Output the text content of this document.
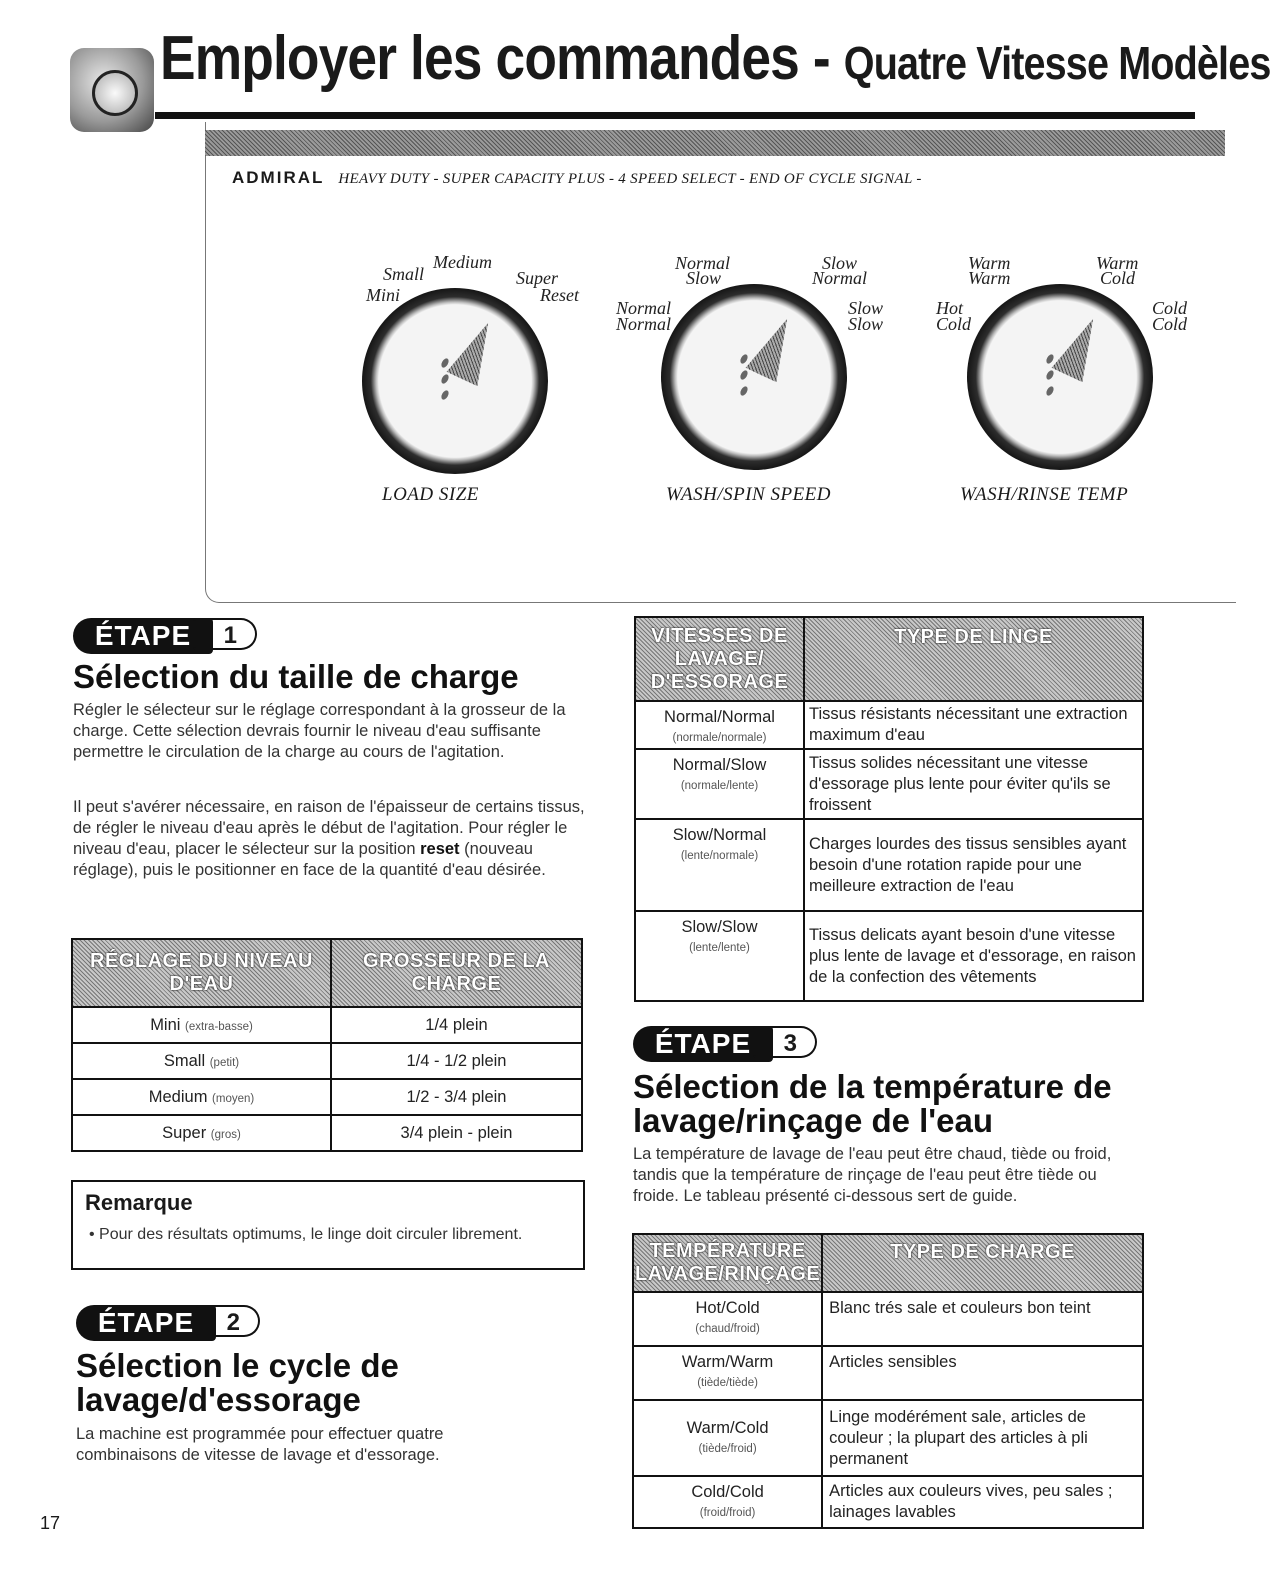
Employer les commandes - Quatre Vitesse Modèles
ADMIRAL HEAVY DUTY - SUPER CAPACITY PLUS - 4 SPEED SELECT - END OF CYCLE SIGNAL -
Small
Medium
Super
Mini	Reset
LOAD SIZE
Normal
Slow
Slow
Normal
Normal
Normal
Slow
Slow
WASH/SPIN SPEED
Warm
Warm
Warm
Cold
Hot
Cold
Cold
Cold
WASH/RINSE TEMP
ÉTAPE	1
Sélection du taille de charge
Régler le sélecteur sur le réglage correspondant à la grosseur de la charge. Cette sélection devrais fournir le niveau d'eau suffisante permettre le circulation de la charge au cours de l'agitation.
Il peut s'avérer nécessaire, en raison de l'épaisseur de certains tissus, de régler le niveau d'eau après le début de l'agitation. Pour régler le niveau d'eau, placer le sélecteur sur la position reset (nouveau réglage), puis le positionner en face de la quantité d'eau désirée.
RÉGLAGE DU NIVEAU D'EAU	GROSSEUR DE LA CHARGE
Mini (extra-basse)	1/4 plein
Small (petit)	1/4 - 1/2 plein
Medium (moyen)	1/2 - 3/4 plein
Super (gros)	3/4 plein - plein
Remarque
• Pour des résultats optimums, le linge doit circuler librement.
ÉTAPE	2
Sélection le cycle de
lavage/d'essorage
La machine est programmée pour effectuer quatre combinaisons de vitesse de lavage et d'essorage.
VITESSES DE LAVAGE/ D'ESSORAGE	TYPE DE LINGE

Normal/Normal
(normale/normale)	Tissus résistants nécessitant une extraction maximum d'eau

Normal/Slow
(normale/lente)	Tissus solides nécessitant une vitesse d'essorage plus lente pour éviter qu'ils se froissent

Slow/Normal
(lente/normale)	Charges lourdes des tissus sensibles ayant besoin d'une rotation rapide pour une meilleure extraction de l'eau

Slow/Slow
(lente/lente)	Tissus delicats ayant besoin d'une vitesse plus lente de lavage et d'essorage, en raison de la confection des vêtements
ÉTAPE	3
Sélection de la température de
lavage/rinçage de l'eau
La température de lavage de l'eau peut être chaud, tiède ou froid, tandis que la température de rinçage de l'eau peut être tiède ou froide. Le tableau présenté ci-dessous sert de guide.
TEMPÉRATURE LAVAGE/RINÇAGE	TYPE DE CHARGE

Hot/Cold
(chaud/froid)	Blanc trés sale et couleurs bon teint

Warm/Warm
(tiède/tiède)	Articles sensibles

Warm/Cold
(tiède/froid)	Linge modérément sale, articles de couleur ; la plupart des articles à pli permanent

Cold/Cold
(froid/froid)	Articles aux couleurs vives, peu sales ; lainages lavables
17
